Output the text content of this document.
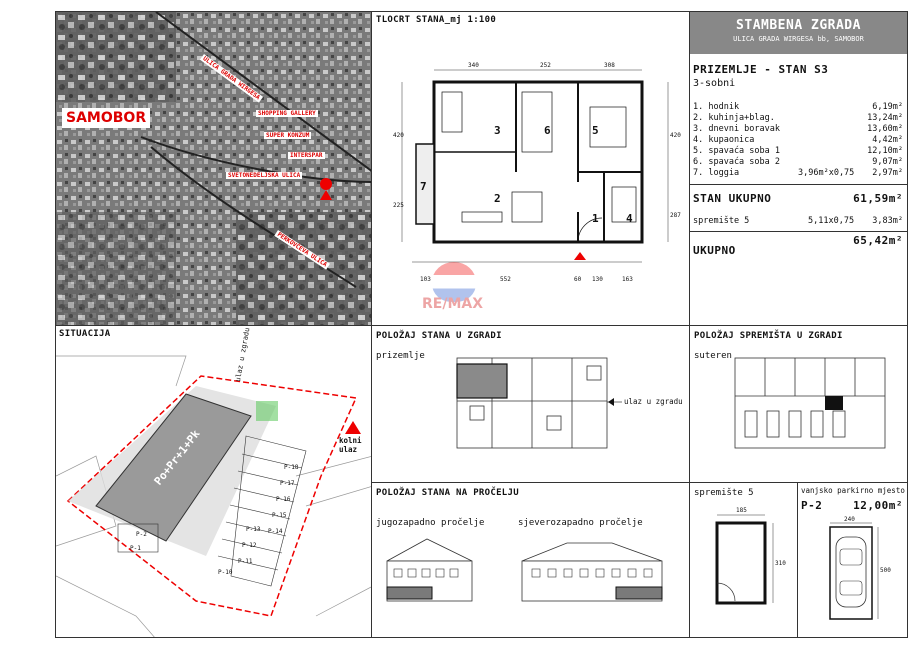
SAMOBOR
ULICA GRADA WIRGESA
SHOPPING GALLERY
SUPER KONZUM
INTERSPAR
SVETONEDELJSKA ULICA
PERKOVČEVA ULICA
TLOCRT STANA_mj 1:100
3	6	5
7
2
1 4
340	252	308
103	552	60 130	163
420
225
420
287
STAMBENA ZGRADA
ULICA GRADA WIRGESA bb, SAMOBOR
PRIZEMLJE - STAN S3
3-sobni
1. hodnik	6,19m²
2. kuhinja+blag.	13,24m²
3. dnevni boravak	13,60m²
4. kupaonica	4,42m²
5. spavaća soba 1	12,10m²
6. spavaća soba 2	9,07m²
7. loggia	3,96m²x0,75 2,97m²
STAN UKUPNO	61,59m²
spremište 5	5,11x0,75 3,83m²
UKUPNO
65,42m²
SITUACIJA
Po+Pr+1+Pk
ulaz u zgradu
kolni ulaz
P-18
P-17
P-16
P-15
P-14
P-13
P-12
P-11
P-10
P-2
P-1
POLOŽAJ STANA U ZGRADI
prizemlje
ulaz u zgradu
POLOŽAJ SPREMIŠTA U ZGRADI
suteren
POLOŽAJ STANA NA PROČELJU
jugozapadno pročelje	sjeverozapadno pročelje
spremište 5
185
310
vanjsko parkirno mjesto
P-2	12,00m²
240
500
RE/MAX
